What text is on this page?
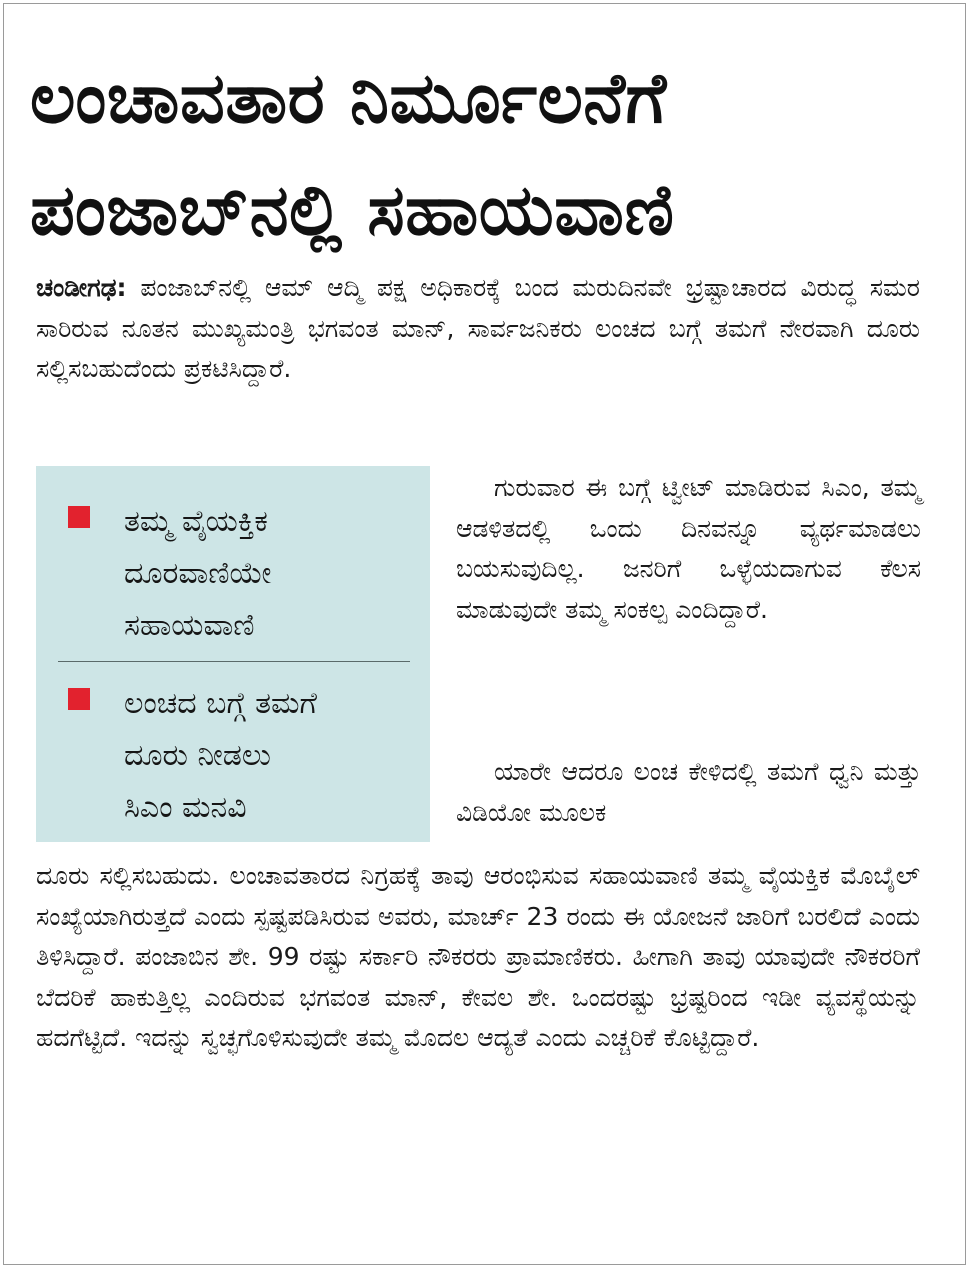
ಲಂಚಾವತಾರ ನಿರ್ಮೂಲನೆಗೆ
ಪಂಜಾಬ್‌ನಲ್ಲಿ ಸಹಾಯವಾಣಿ

ಚಂಡೀಗಢ: ಪಂಜಾಬ್‌ನಲ್ಲಿ ಆಮ್ ಆದ್ಮಿ ಪಕ್ಷ ಅಧಿಕಾರಕ್ಕೆ ಬಂದ ಮರುದಿನವೇ ಭ್ರಷ್ಟಾಚಾರದ ವಿರುದ್ಧ ಸಮರ ಸಾರಿರುವ ನೂತನ ಮುಖ್ಯಮಂತ್ರಿ ಭಗವಂತ ಮಾನ್, ಸಾರ್ವಜನಿಕರು ಲಂಚದ ಬಗ್ಗೆ ತಮಗೆ ನೇರವಾಗಿ ದೂರು ಸಲ್ಲಿಸಬಹುದೆಂದು ಪ್ರಕಟಿಸಿದ್ದಾರೆ.

ತಮ್ಮ ವೈಯಕ್ತಿಕ
ದೂರವಾಣಿಯೇ
ಸಹಾಯವಾಣಿ

ಲಂಚದ ಬಗ್ಗೆ ತಮಗೆ
ದೂರು ನೀಡಲು
ಸಿಎಂ ಮನವಿ

ಗುರುವಾರ ಈ ಬಗ್ಗೆ ಟ್ವೀಟ್ ಮಾಡಿರುವ ಸಿಎಂ, ತಮ್ಮ ಆಡಳಿತದಲ್ಲಿ ಒಂದು ದಿನವನ್ನೂ ವ್ಯರ್ಥಮಾಡಲು ಬಯಸುವುದಿಲ್ಲ. ಜನರಿಗೆ ಒಳ್ಳೆಯದಾಗುವ ಕೆಲಸ ಮಾಡುವುದೇ ತಮ್ಮ ಸಂಕಲ್ಪ ಎಂದಿದ್ದಾರೆ.

ಯಾರೇ ಆದರೂ ಲಂಚ ಕೇಳಿದಲ್ಲಿ ತಮಗೆ ಧ್ವನಿ ಮತ್ತು ವಿಡಿಯೋ ಮೂಲಕ

ದೂರು ಸಲ್ಲಿಸಬಹುದು. ಲಂಚಾವತಾರದ ನಿಗ್ರಹಕ್ಕೆ ತಾವು ಆರಂಭಿಸುವ ಸಹಾಯವಾಣಿ ತಮ್ಮ ವೈಯಕ್ತಿಕ ಮೊಬೈಲ್ ಸಂಖ್ಯೆಯಾಗಿರುತ್ತದೆ ಎಂದು ಸ್ಪಷ್ಟಪಡಿಸಿರುವ ಅವರು, ಮಾರ್ಚ್ 23 ರಂದು ಈ ಯೋಜನೆ ಜಾರಿಗೆ ಬರಲಿದೆ ಎಂದು ತಿಳಿಸಿದ್ದಾರೆ. ಪಂಜಾಬಿನ ಶೇ. 99 ರಷ್ಟು ಸರ್ಕಾರಿ ನೌಕರರು ಪ್ರಾಮಾಣಿಕರು. ಹೀಗಾಗಿ ತಾವು ಯಾವುದೇ ನೌಕರರಿಗೆ ಬೆದರಿಕೆ ಹಾಕುತ್ತಿಲ್ಲ ಎಂದಿರುವ ಭಗವಂತ ಮಾನ್, ಕೇವಲ ಶೇ. ಒಂದರಷ್ಟು ಭ್ರಷ್ಟರಿಂದ ಇಡೀ ವ್ಯವಸ್ಥೆಯನ್ನು ಹದಗೆಟ್ಟಿದೆ. ಇದನ್ನು ಸ್ವಚ್ಛಗೊಳಿಸುವುದೇ ತಮ್ಮ ಮೊದಲ ಆದ್ಯತೆ ಎಂದು ಎಚ್ಚರಿಕೆ ಕೊಟ್ಟಿದ್ದಾರೆ.
